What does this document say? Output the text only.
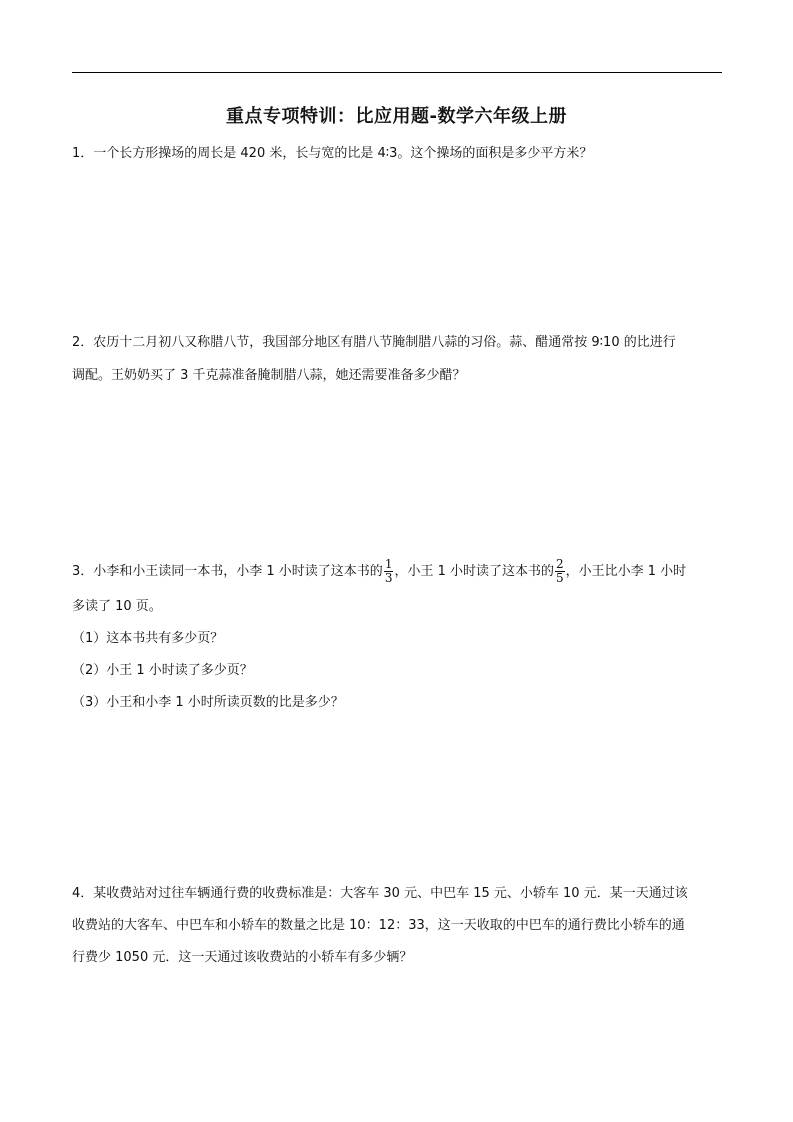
重点专项特训：比应用题-数学六年级上册
1．一个长方形操场的周长是 420 米，长与宽的比是 4∶3。这个操场的面积是多少平方米？
2．农历十二月初八又称腊八节，我国部分地区有腊八节腌制腊八蒜的习俗。蒜、醋通常按 9∶10 的比进行
调配。王奶奶买了 3 千克蒜准备腌制腊八蒜，她还需要准备多少醋？
3．小李和小王读同一本书，小李 1 小时读了这本书的 $\frac{1}{3}$ ，小王 1 小时读了这本书的 $\frac{2}{5}$ ，小王比小李 1 小时
多读了 10 页。
（1）这本书共有多少页？
（2）小王 1 小时读了多少页？
（3）小王和小李 1 小时所读页数的比是多少？
4．某收费站对过往车辆通行费的收费标准是：大客车 30 元、中巴车 15 元、小轿车 10 元．某一天通过该
收费站的大客车、中巴车和小轿车的数量之比是 10：12：33，这一天收取的中巴车的通行费比小轿车的通
行费少 1050 元．这一天通过该收费站的小轿车有多少辆？
